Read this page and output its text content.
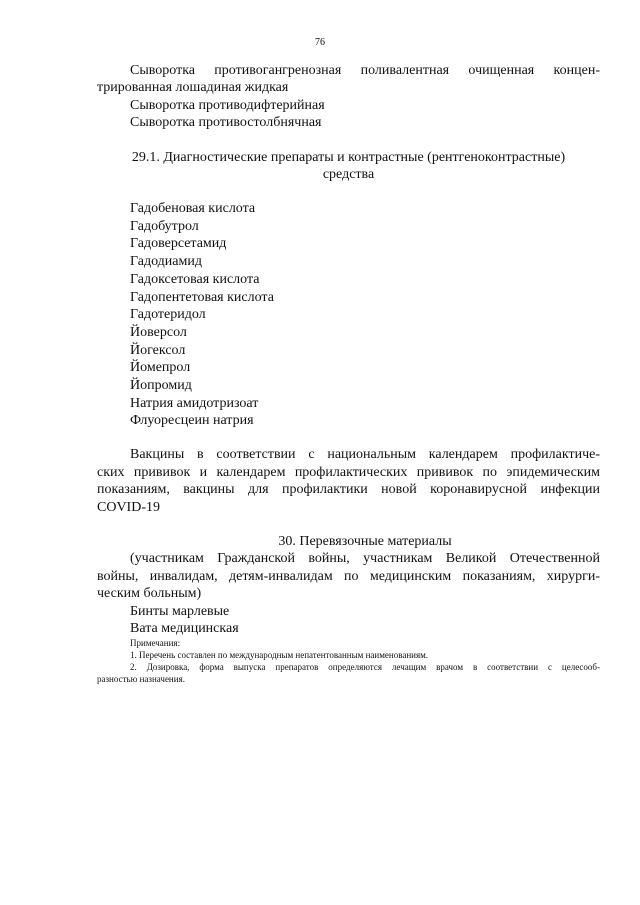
76
Сыворотка противогангренозная поливалентная очищенная концен-
трированная лошадиная жидкая
Сыворотка противодифтерийная
Сыворотка противостолбнячная
29.1. Диагностические препараты и контрастные (рентгеноконтрастные)
средства
Гадобеновая кислота
Гадобутрол
Гадоверсетамид
Гадодиамид
Гадоксетовая кислота
Гадопентетовая кислота
Гадотеридол
Йоверсол
Йогексол
Йомепрол
Йопромид
Натрия амидотризоат
Флуоресцеин натрия
Вакцины в соответствии с национальным календарем профилактиче-
ских прививок и календарем профилактических прививок по эпидемическим
показаниям, вакцины для профилактики новой коронавирусной инфекции
COVID-19
30. Перевязочные материалы
(участникам Гражданской войны, участникам Великой Отечественной
войны, инвалидам, детям-инвалидам по медицинским показаниям, хирурги-
ческим больным)
Бинты марлевые
Вата медицинская
Примечания:
1. Перечень составлен по международным непатентованным наименованиям.
2. Дозировка, форма выпуска препаратов определяются лечащим врачом в соответствии с целесооб-
разностью назначения.
